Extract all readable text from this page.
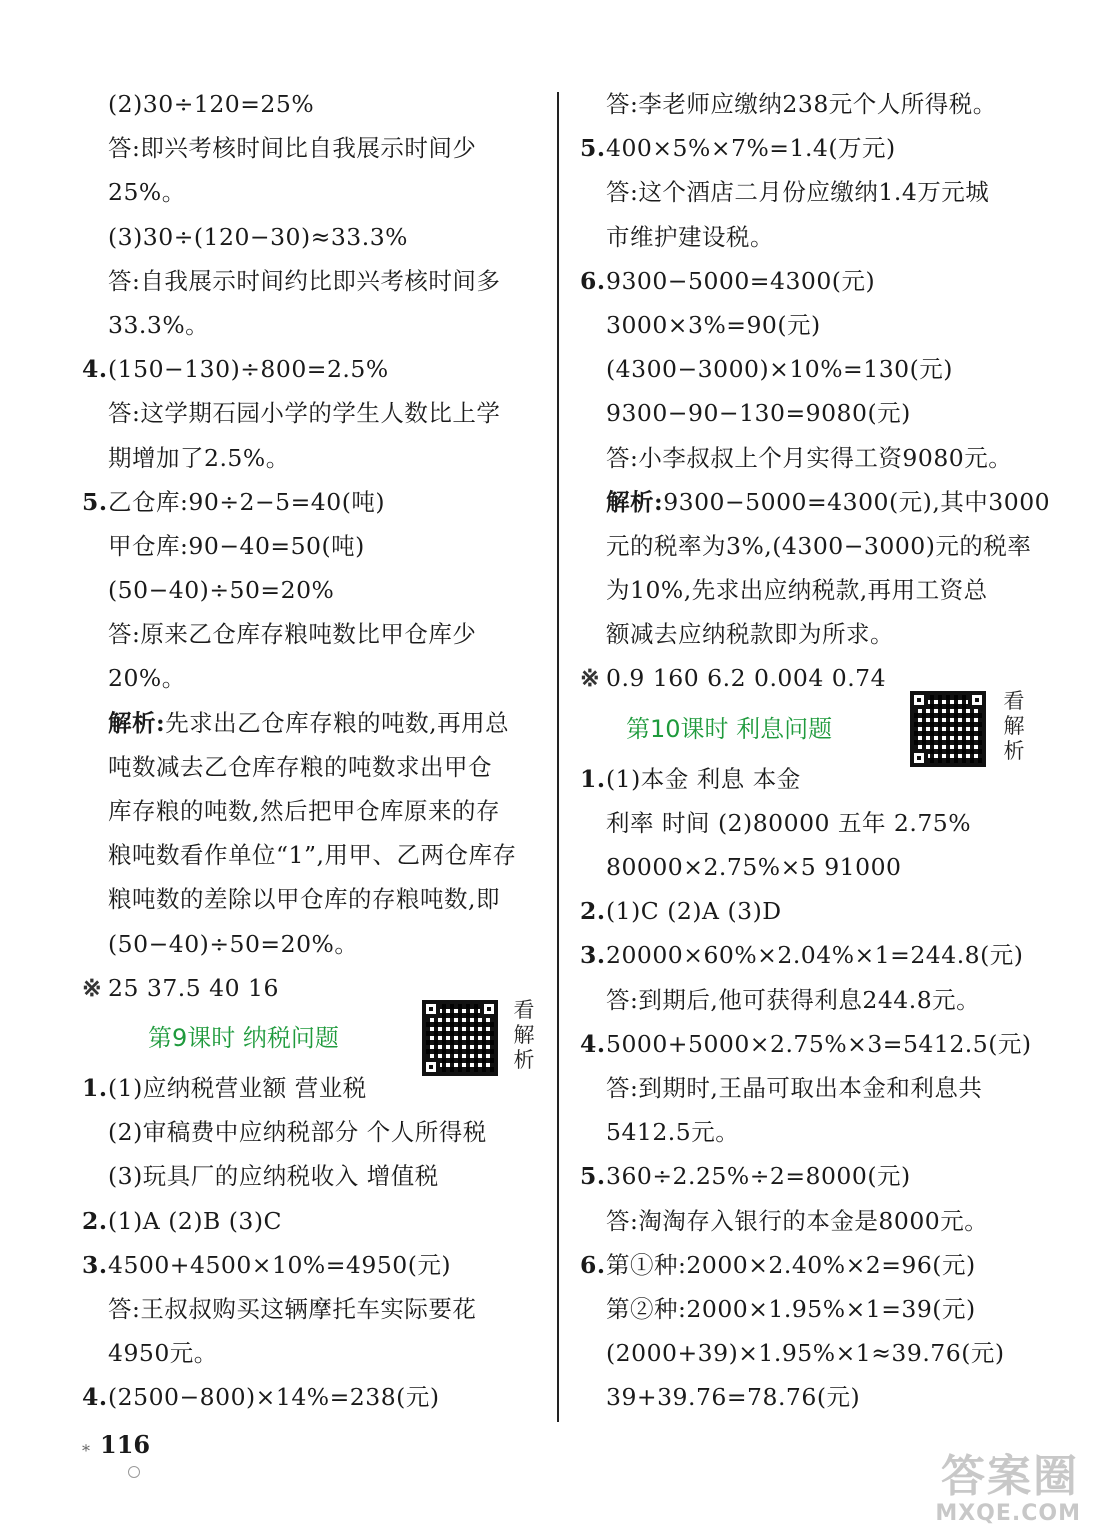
(2)30÷120=25%
答:即兴考核时间比自我展示时间少
25%。
(3)30÷(120−30)≈33.3%
答:自我展示时间约比即兴考核时间多
33.3%。
4.(150−130)÷800=2.5%
答:这学期石园小学的学生人数比上学
期增加了2.5%。
5.乙仓库:90÷2−5=40(吨)
甲仓库:90−40=50(吨)
(50−40)÷50=20%
答:原来乙仓库存粮吨数比甲仓库少
20%。
解析:先求出乙仓库存粮的吨数,再用总
吨数减去乙仓库存粮的吨数求出甲仓
库存粮的吨数,然后把甲仓库原来的存
粮吨数看作单位“1”,用甲、乙两仓库存
粮吨数的差除以甲仓库的存粮吨数,即
(50−40)÷50=20%。
※ 25 37.5 40 16
第9课时 纳税问题
看解析
1.(1)应纳税营业额 营业税
(2)审稿费中应纳税部分 个人所得税
(3)玩具厂的应纳税收入 增值税
2.(1)A (2)B (3)C
3.4500+4500×10%=4950(元)
答:王叔叔购买这辆摩托车实际要花
4950元。
4.(2500−800)×14%=238(元)
答:李老师应缴纳238元个人所得税。
5.400×5%×7%=1.4(万元)
答:这个酒店二月份应缴纳1.4万元城
市维护建设税。
6.9300−5000=4300(元)
3000×3%=90(元)
(4300−3000)×10%=130(元)
9300−90−130=9080(元)
答:小李叔叔上个月实得工资9080元。
解析:9300−5000=4300(元),其中3000
元的税率为3%,(4300−3000)元的税率
为10%,先求出应纳税款,再用工资总
额减去应纳税款即为所求。
※ 0.9 160 6.2 0.004 0.74
第10课时 利息问题
看解析
1.(1)本金 利息 本金
利率 时间 (2)80000 五年 2.75%
80000×2.75%×5 91000
2.(1)C (2)A (3)D
3.20000×60%×2.04%×1=244.8(元)
答:到期后,他可获得利息244.8元。
4.5000+5000×2.75%×3=5412.5(元)
答:到期时,王晶可取出本金和利息共
5412.5元。
5.360÷2.25%÷2=8000(元)
答:淘淘存入银行的本金是8000元。
6.第①种:2000×2.40%×2=96(元)
第②种:2000×1.95%×1=39(元)
(2000+39)×1.95%×1≈39.76(元)
39+39.76=78.76(元)
⁎ 116
答案圈
MXQE.COM
